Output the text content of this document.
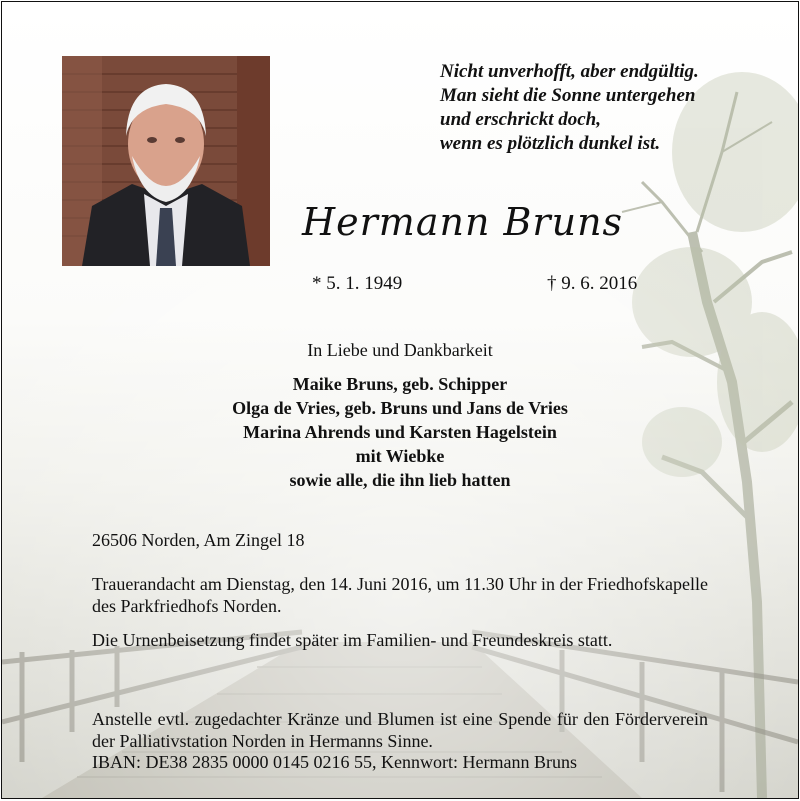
Nicht unverhofft, aber endgültig.
Man sieht die Sonne untergehen
und erschrickt doch,
wenn es plötzlich dunkel ist.
Hermann Bruns
* 5. 1. 1949	† 9. 6. 2016
In Liebe und Dankbarkeit
Maike Bruns, geb. Schipper
Olga de Vries, geb. Bruns und Jans de Vries
Marina Ahrends und Karsten Hagelstein
mit Wiebke
sowie alle, die ihn lieb hatten
26506 Norden, Am Zingel 18
Trauerandacht am Dienstag, den 14. Juni 2016, um 11.30 Uhr in der Friedhofskapelle des Parkfriedhofs Norden.
Die Urnenbeisetzung findet später im Familien- und Freundeskreis statt.
Anstelle evtl. zugedachter Kränze und Blumen ist eine Spende für den Förderverein der Palliativstation Norden in Hermanns Sinne.
IBAN: DE38 2835 0000 0145 0216 55, Kennwort: Hermann Bruns
